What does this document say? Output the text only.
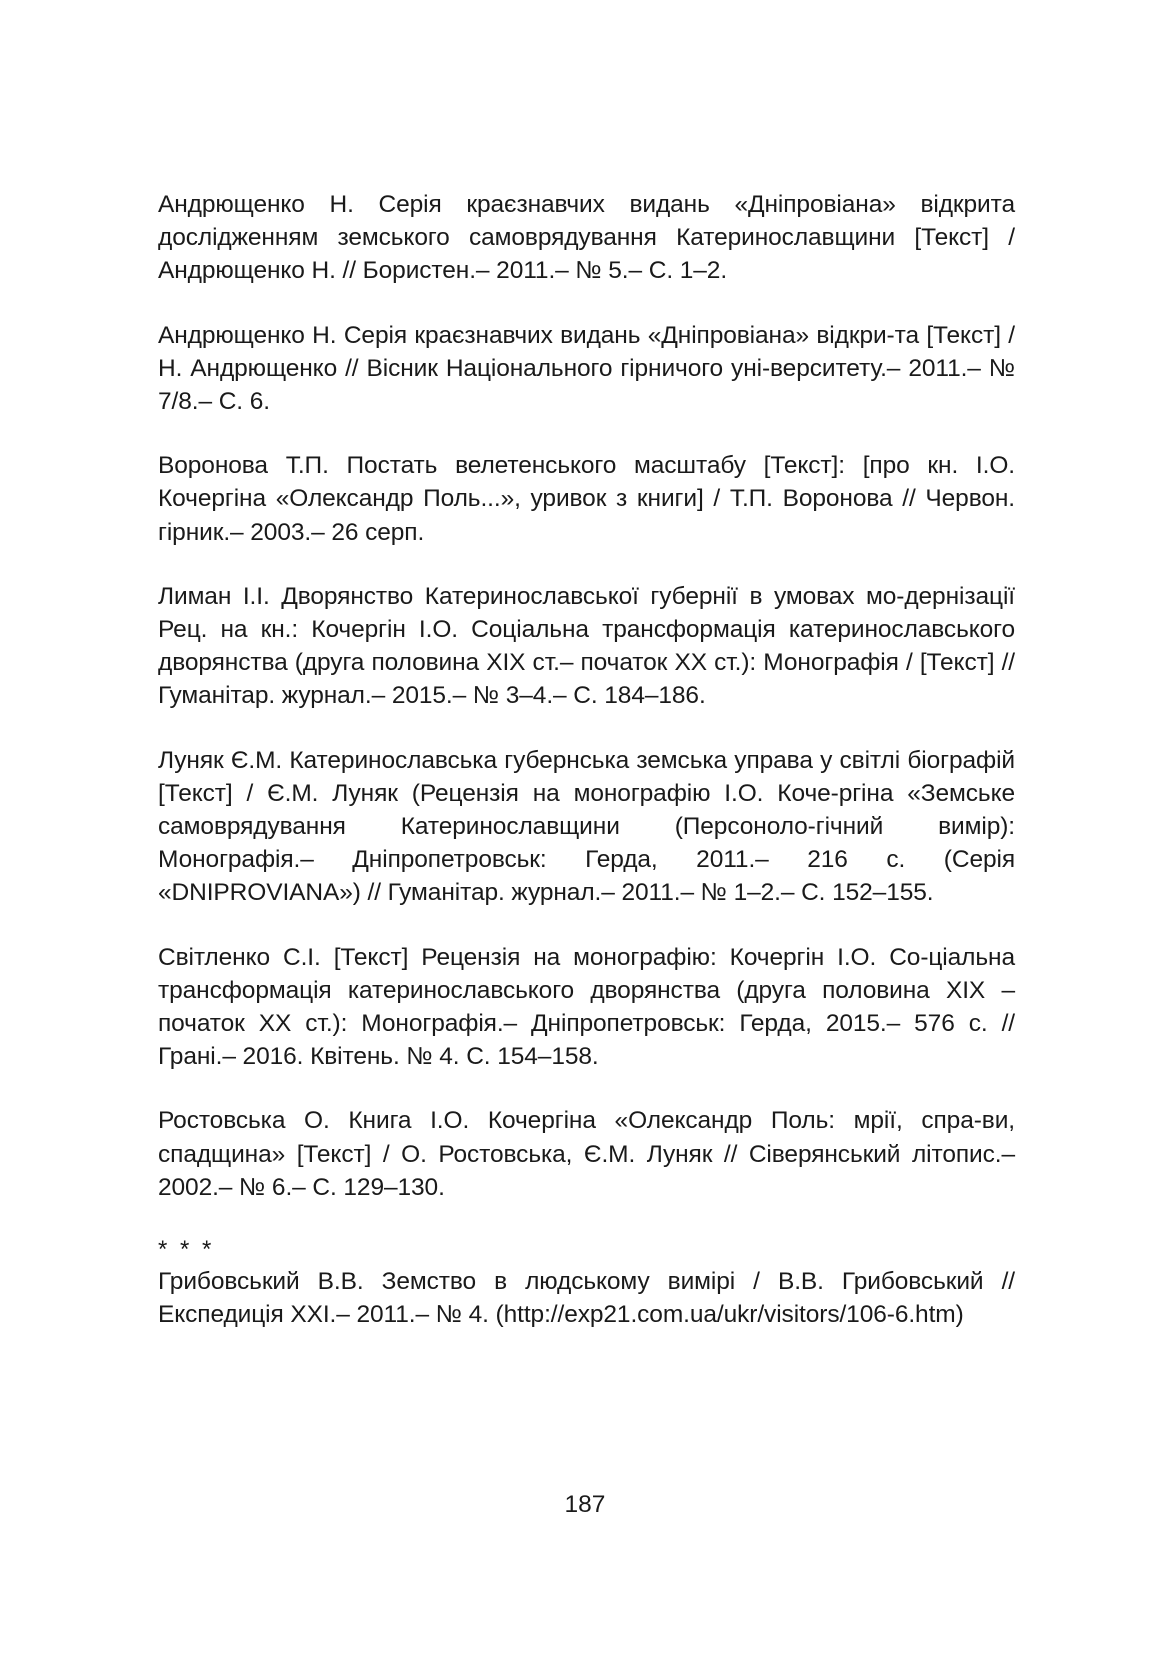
Андрющенко Н. Серія краєзнавчих видань «Дніпровіана» відкрита дослідженням земського самоврядування Катеринославщини [Текст] / Андрющенко Н. // Бористен.– 2011.– № 5.– С. 1–2.

Андрющенко Н. Серія краєзнавчих видань «Дніпровіана» відкри-та [Текст] / Н. Андрющенко // Вісник Національного гірничого уні-верситету.– 2011.– № 7/8.– С. 6.

Воронова Т.П. Постать велетенського масштабу [Текст]: [про кн. І.О. Кочергіна «Олександр Поль...», уривок з книги] / Т.П. Воронова // Червон. гірник.– 2003.– 26 серп.

Лиман І.І. Дворянство Катеринославської губернії в умовах мо-дернізації Рец. на кн.: Кочергін І.О. Соціальна трансформація катеринославського дворянства (друга половина XIX ст.– початок XX ст.): Монографія / [Текст] // Гуманітар. журнал.– 2015.– № 3–4.– С. 184–186.

Луняк Є.М. Катеринославська губернська земська управа у світлі біографій [Текст] / Є.М. Луняк (Рецензія на монографію І.О. Коче-ргіна «Земське самоврядування Катеринославщини (Персоноло-гічний вимір): Монографія.– Дніпропетровськ: Герда, 2011.– 216 с. (Серія «DNIPROVIANA») // Гуманітар. журнал.– 2011.– № 1–2.– С. 152–155.

Світленко С.І. [Текст] Рецензія на монографію: Кочергін І.О. Со-ціальна трансформація катеринославського дворянства (друга половина XIX – початок XX ст.): Монографія.– Дніпропетровськ: Герда, 2015.– 576 с. // Грані.– 2016. Квітень. № 4. С. 154–158.

Ростовська О. Книга І.О. Кочергіна «Олександр Поль: мрії, спра-ви, спадщина» [Текст] / О. Ростовська, Є.М. Луняк // Сіверянський літопис.– 2002.– № 6.– С. 129–130.

* * *

Грибовський В.В. Земство в людському вимірі / В.В. Грибовський // Експедиція XXI.– 2011.– № 4. (http://exp21.com.ua/ukr/visitors/106-6.htm)

187
